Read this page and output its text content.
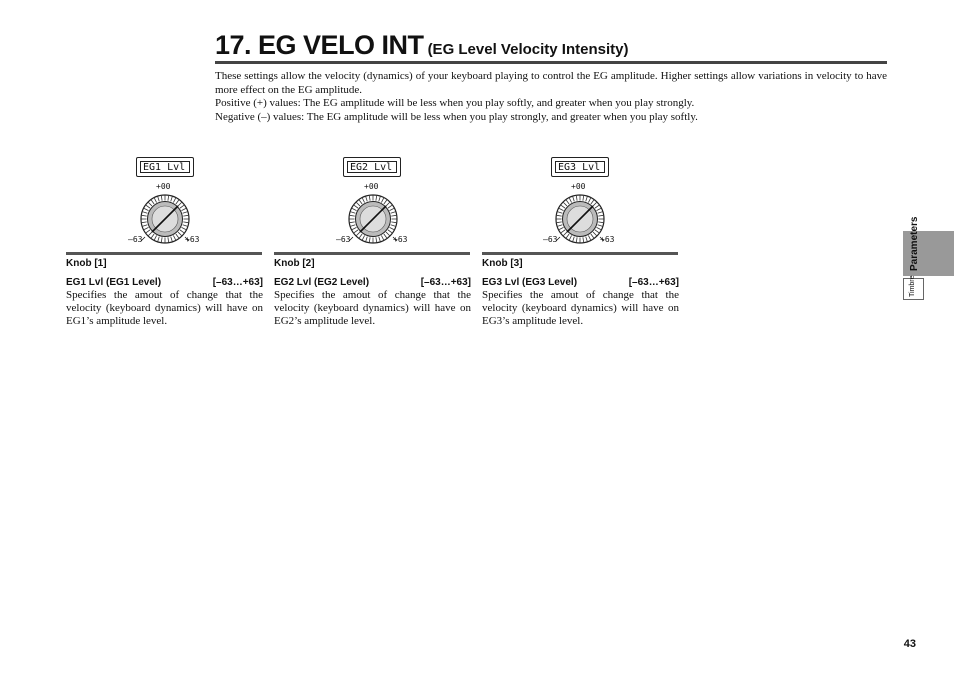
17. EG VELO INT (EG Level Velocity Intensity)

These settings allow the velocity (dynamics) of your keyboard playing to control the EG amplitude. Higher settings allow variations in velocity to have more effect on the EG amplitude.

Positive (+) values: The EG amplitude will be less when you play softly, and greater when you play strongly.

Negative (–) values: The EG amplitude will be less when you play strongly, and greater when you play softly.

EG1 Lvl
+00
–63	+63
Knob [1]
EG1 Lvl (EG1 Level)	[–63…+63]
Specifies the amout of change that the velocity (keyboard dynamics) will have on EG1’s amplitude level.
EG2 Lvl
+00
–63	+63
Knob [2]
EG2 Lvl (EG2 Level)	[–63…+63]
Specifies the amout of change that the velocity (keyboard dynamics) will have on EG2’s amplitude level.
EG3 Lvl
+00
–63	+63
Knob [3]
EG3 Lvl (EG3 Level)	[–63…+63]
Specifies the amout of change that the velocity (keyboard dynamics) will have on EG3’s amplitude level.
Parameters
Timbre
43
